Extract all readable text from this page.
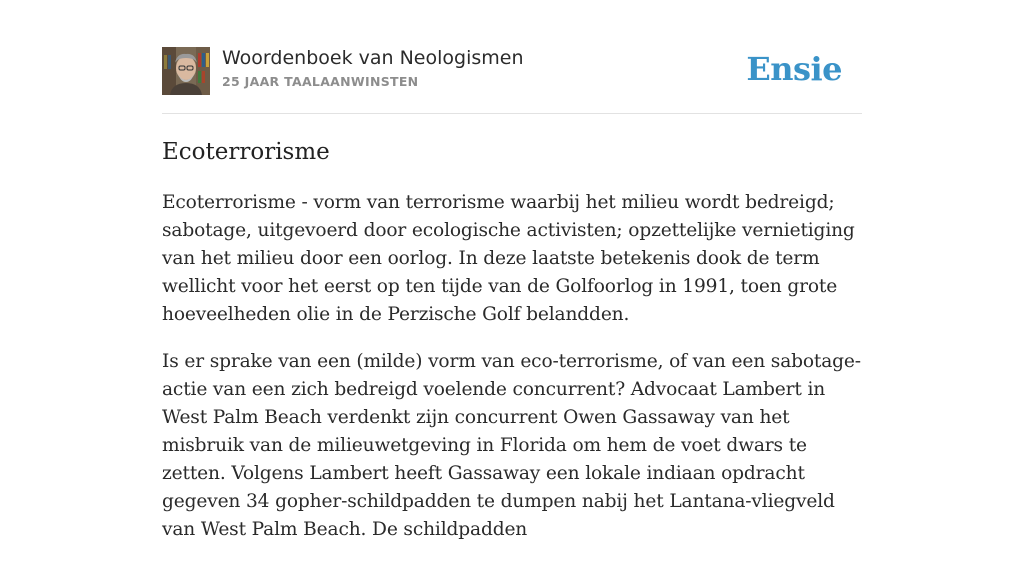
Woordenboek van Neologismen
25 JAAR TAALAANWINSTEN	Ensie
Ecoterrorisme

Ecoterrorisme - vorm van terrorisme waarbij het milieu wordt bedreigd; sabotage, uitgevoerd door ecologische activisten; opzettelijke vernietiging van het milieu door een oorlog. In deze laatste betekenis dook de term wellicht voor het eerst op ten tijde van de Golfoorlog in 1991, toen grote hoeveelheden olie in de Perzische Golf belandden.

Is er sprake van een (milde) vorm van eco-terrorisme, of van een sabotage-actie van een zich bedreigd voelende concurrent? Advocaat Lambert in West Palm Beach verdenkt zijn concurrent Owen Gassaway van het misbruik van de milieuwetgeving in Florida om hem de voet dwars te zetten. Volgens Lambert heeft Gassaway een lokale indiaan opdracht gegeven 34 gopher-schildpadden te dumpen nabij het Lantana-vliegveld van West Palm Beach. De schildpadden
